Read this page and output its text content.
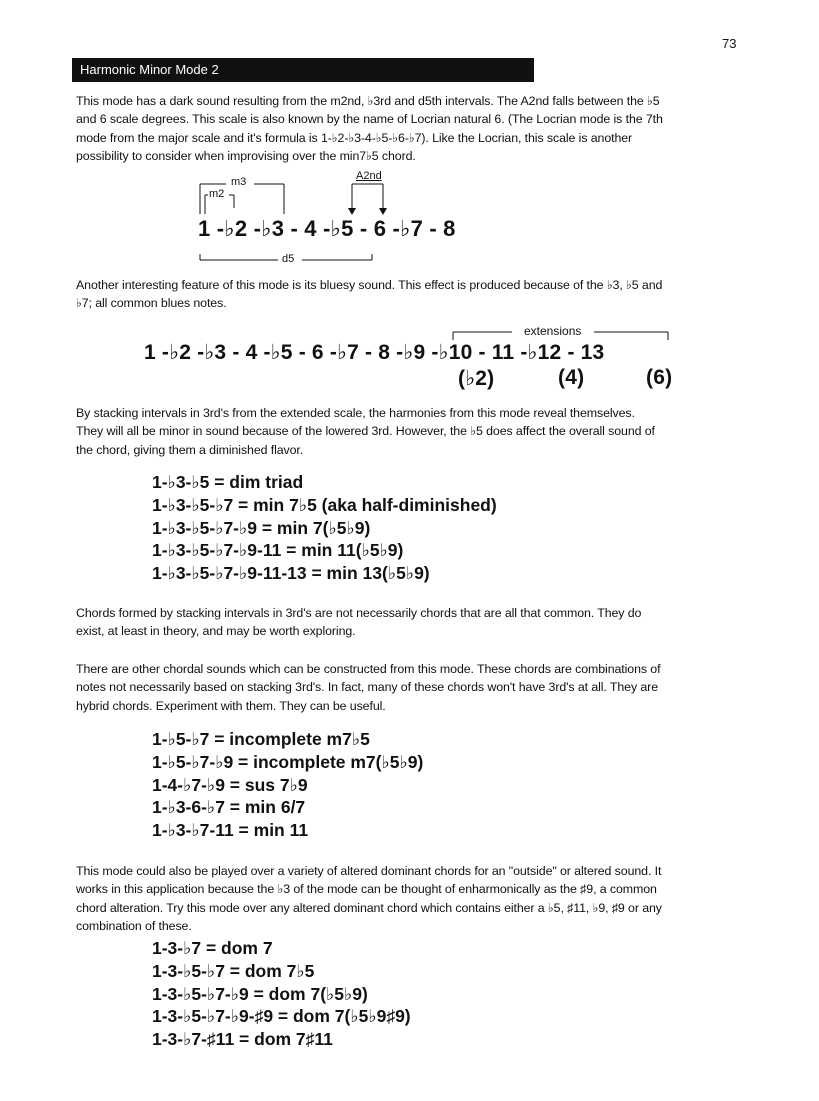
73
Harmonic Minor Mode 2

This mode has a dark sound resulting from the m2nd, ♭3rd and d5th intervals. The A2nd falls between the ♭5 and 6 scale degrees. This scale is also known by the name of Locrian natural 6. (The Locrian mode is the 7th mode from the major scale and it's formula is 1-♭2-♭3-4-♭5-♭6-♭7). Like the Locrian, this scale is another possibility to consider when improvising over the min7♭5 chord.

m3
m2
A2nd
1 -♭2 -♭3 - 4 -♭5 - 6 -♭7 - 8
d5

Another interesting feature of this mode is its bluesy sound. This effect is produced because of the ♭3, ♭5 and ♭7; all common blues notes.

extensions
1 -♭2 -♭3 - 4 -♭5 - 6 -♭7 - 8 -♭9 -♭10 - 11 -♭12 - 13
(♭2)	(4)	(6)

By stacking intervals in 3rd's from the extended scale, the harmonies from this mode reveal themselves. They will all be minor in sound because of the lowered 3rd. However, the ♭5 does affect the overall sound of the chord, giving them a diminished flavor.

1-♭3-♭5 = dim triad
1-♭3-♭5-♭7 = min 7♭5 (aka half-diminished)
1-♭3-♭5-♭7-♭9 = min 7(♭5♭9)
1-♭3-♭5-♭7-♭9-11 = min 11(♭5♭9)
1-♭3-♭5-♭7-♭9-11-13 = min 13(♭5♭9)

Chords formed by stacking intervals in 3rd's are not necessarily chords that are all that common. They do exist, at least in theory, and may be worth exploring.

There are other chordal sounds which can be constructed from this mode. These chords are combinations of notes not necessarily based on stacking 3rd's. In fact, many of these chords won't have 3rd's at all. They are hybrid chords. Experiment with them. They can be useful.

1-♭5-♭7 = incomplete m7♭5
1-♭5-♭7-♭9 = incomplete m7(♭5♭9)
1-4-♭7-♭9 = sus 7♭9
1-♭3-6-♭7 = min 6/7
1-♭3-♭7-11 = min 11

This mode could also be played over a variety of altered dominant chords for an "outside" or altered sound. It works in this application because the ♭3 of the mode can be thought of enharmonically as the ♯9, a common chord alteration. Try this mode over any altered dominant chord which contains either a ♭5, ♯11, ♭9, ♯9 or any combination of these.

1-3-♭7 = dom 7
1-3-♭5-♭7 = dom 7♭5
1-3-♭5-♭7-♭9 = dom 7(♭5♭9)
1-3-♭5-♭7-♭9-♯9 = dom 7(♭5♭9♯9)
1-3-♭7-♯11 = dom 7♯11
